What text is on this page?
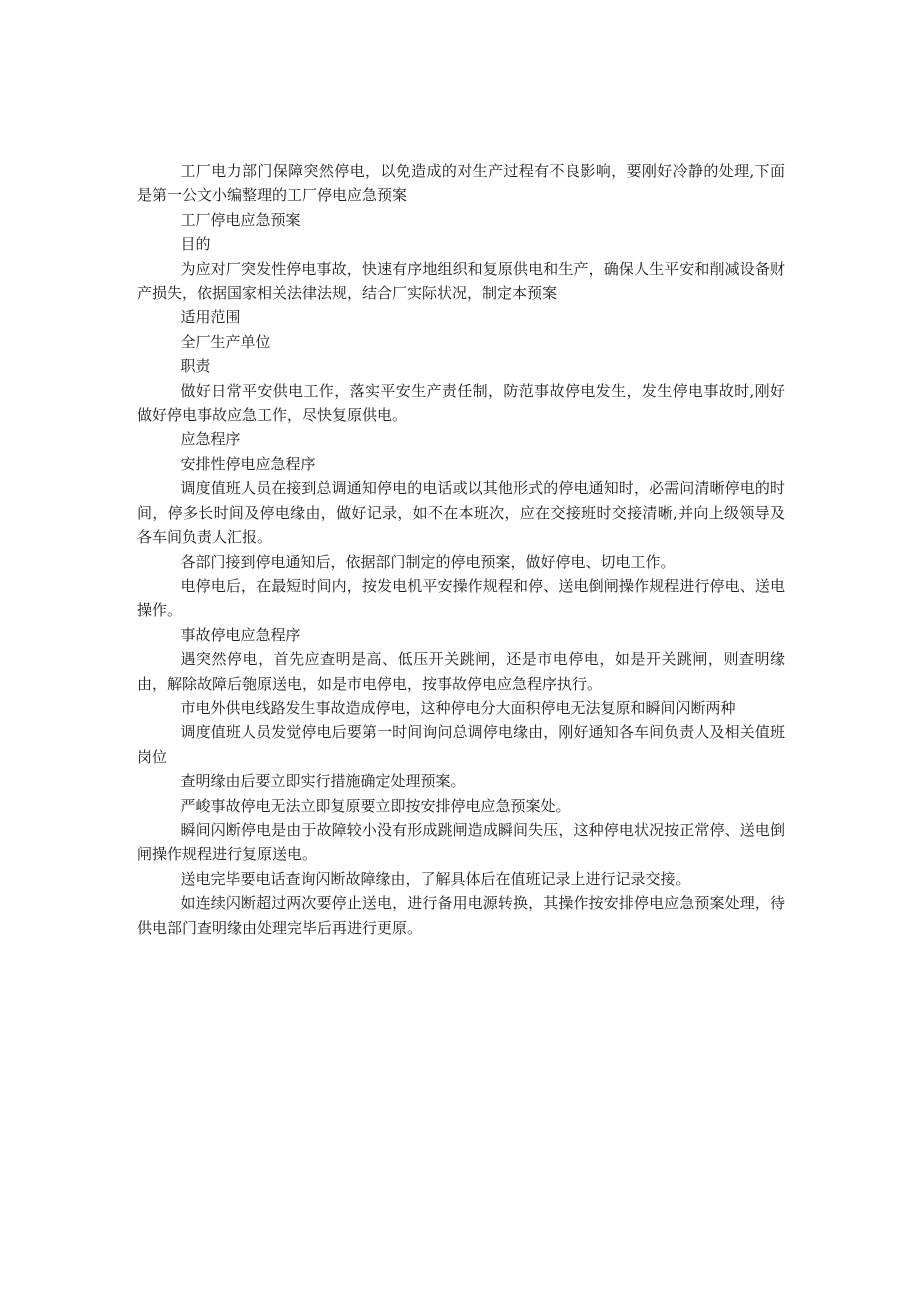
工厂电力部门保障突然停电，以免造成的对生产过程有不良影响，要刚好冷静的处理,下面是第一公文小编整理的工厂停电应急预案

工厂停电应急预案

目的

为应对厂突发性停电事故，快速有序地组织和复原供电和生产，确保人生平安和削减设备财产损失，依据国家相关法律法规，结合厂实际状况，制定本预案

适用范围

全厂生产单位

职责

做好日常平安供电工作，落实平安生产责任制，防范事故停电发生，发生停电事故时,刚好做好停电事故应急工作，尽快复原供电。

应急程序

安排性停电应急程序

调度值班人员在接到总调通知停电的电话或以其他形式的停电通知时，必需问清晰停电的时间，停多长时间及停电缘由，做好记录，如不在本班次，应在交接班时交接清晰,并向上级领导及各车间负责人汇报。

各部门接到停电通知后，依据部门制定的停电预案，做好停电、切电工作。

电停电后，在最短时间内，按发电机平安操作规程和停、送电倒闸操作规程进行停电、送电操作。

事故停电应急程序

遇突然停电，首先应查明是高、低压开关跳闸，还是市电停电，如是开关跳闸，则查明缘由，解除故障后匏原送电，如是市电停电，按事故停电应急程序执行。

市电外供电线路发生事故造成停电，这种停电分大面积停电无法复原和瞬间闪断两种

调度值班人员发觉停电后要第一时间询问总调停电缘由，刚好通知各车间负责人及相关值班岗位

查明缘由后要立即实行措施确定处理预案。

严峻事故停电无法立即复原要立即按安排停电应急预案处。

瞬间闪断停电是由于故障较小没有形成跳闸造成瞬间失压，这种停电状况按正常停、送电倒闸操作规程进行复原送电。

送电完毕要电话查询闪断故障缘由，了解具体后在值班记录上进行记录交接。

如连续闪断超过两次要停止送电，进行备用电源转换，其操作按安排停电应急预案处理，待供电部门查明缘由处理完毕后再进行更原。
